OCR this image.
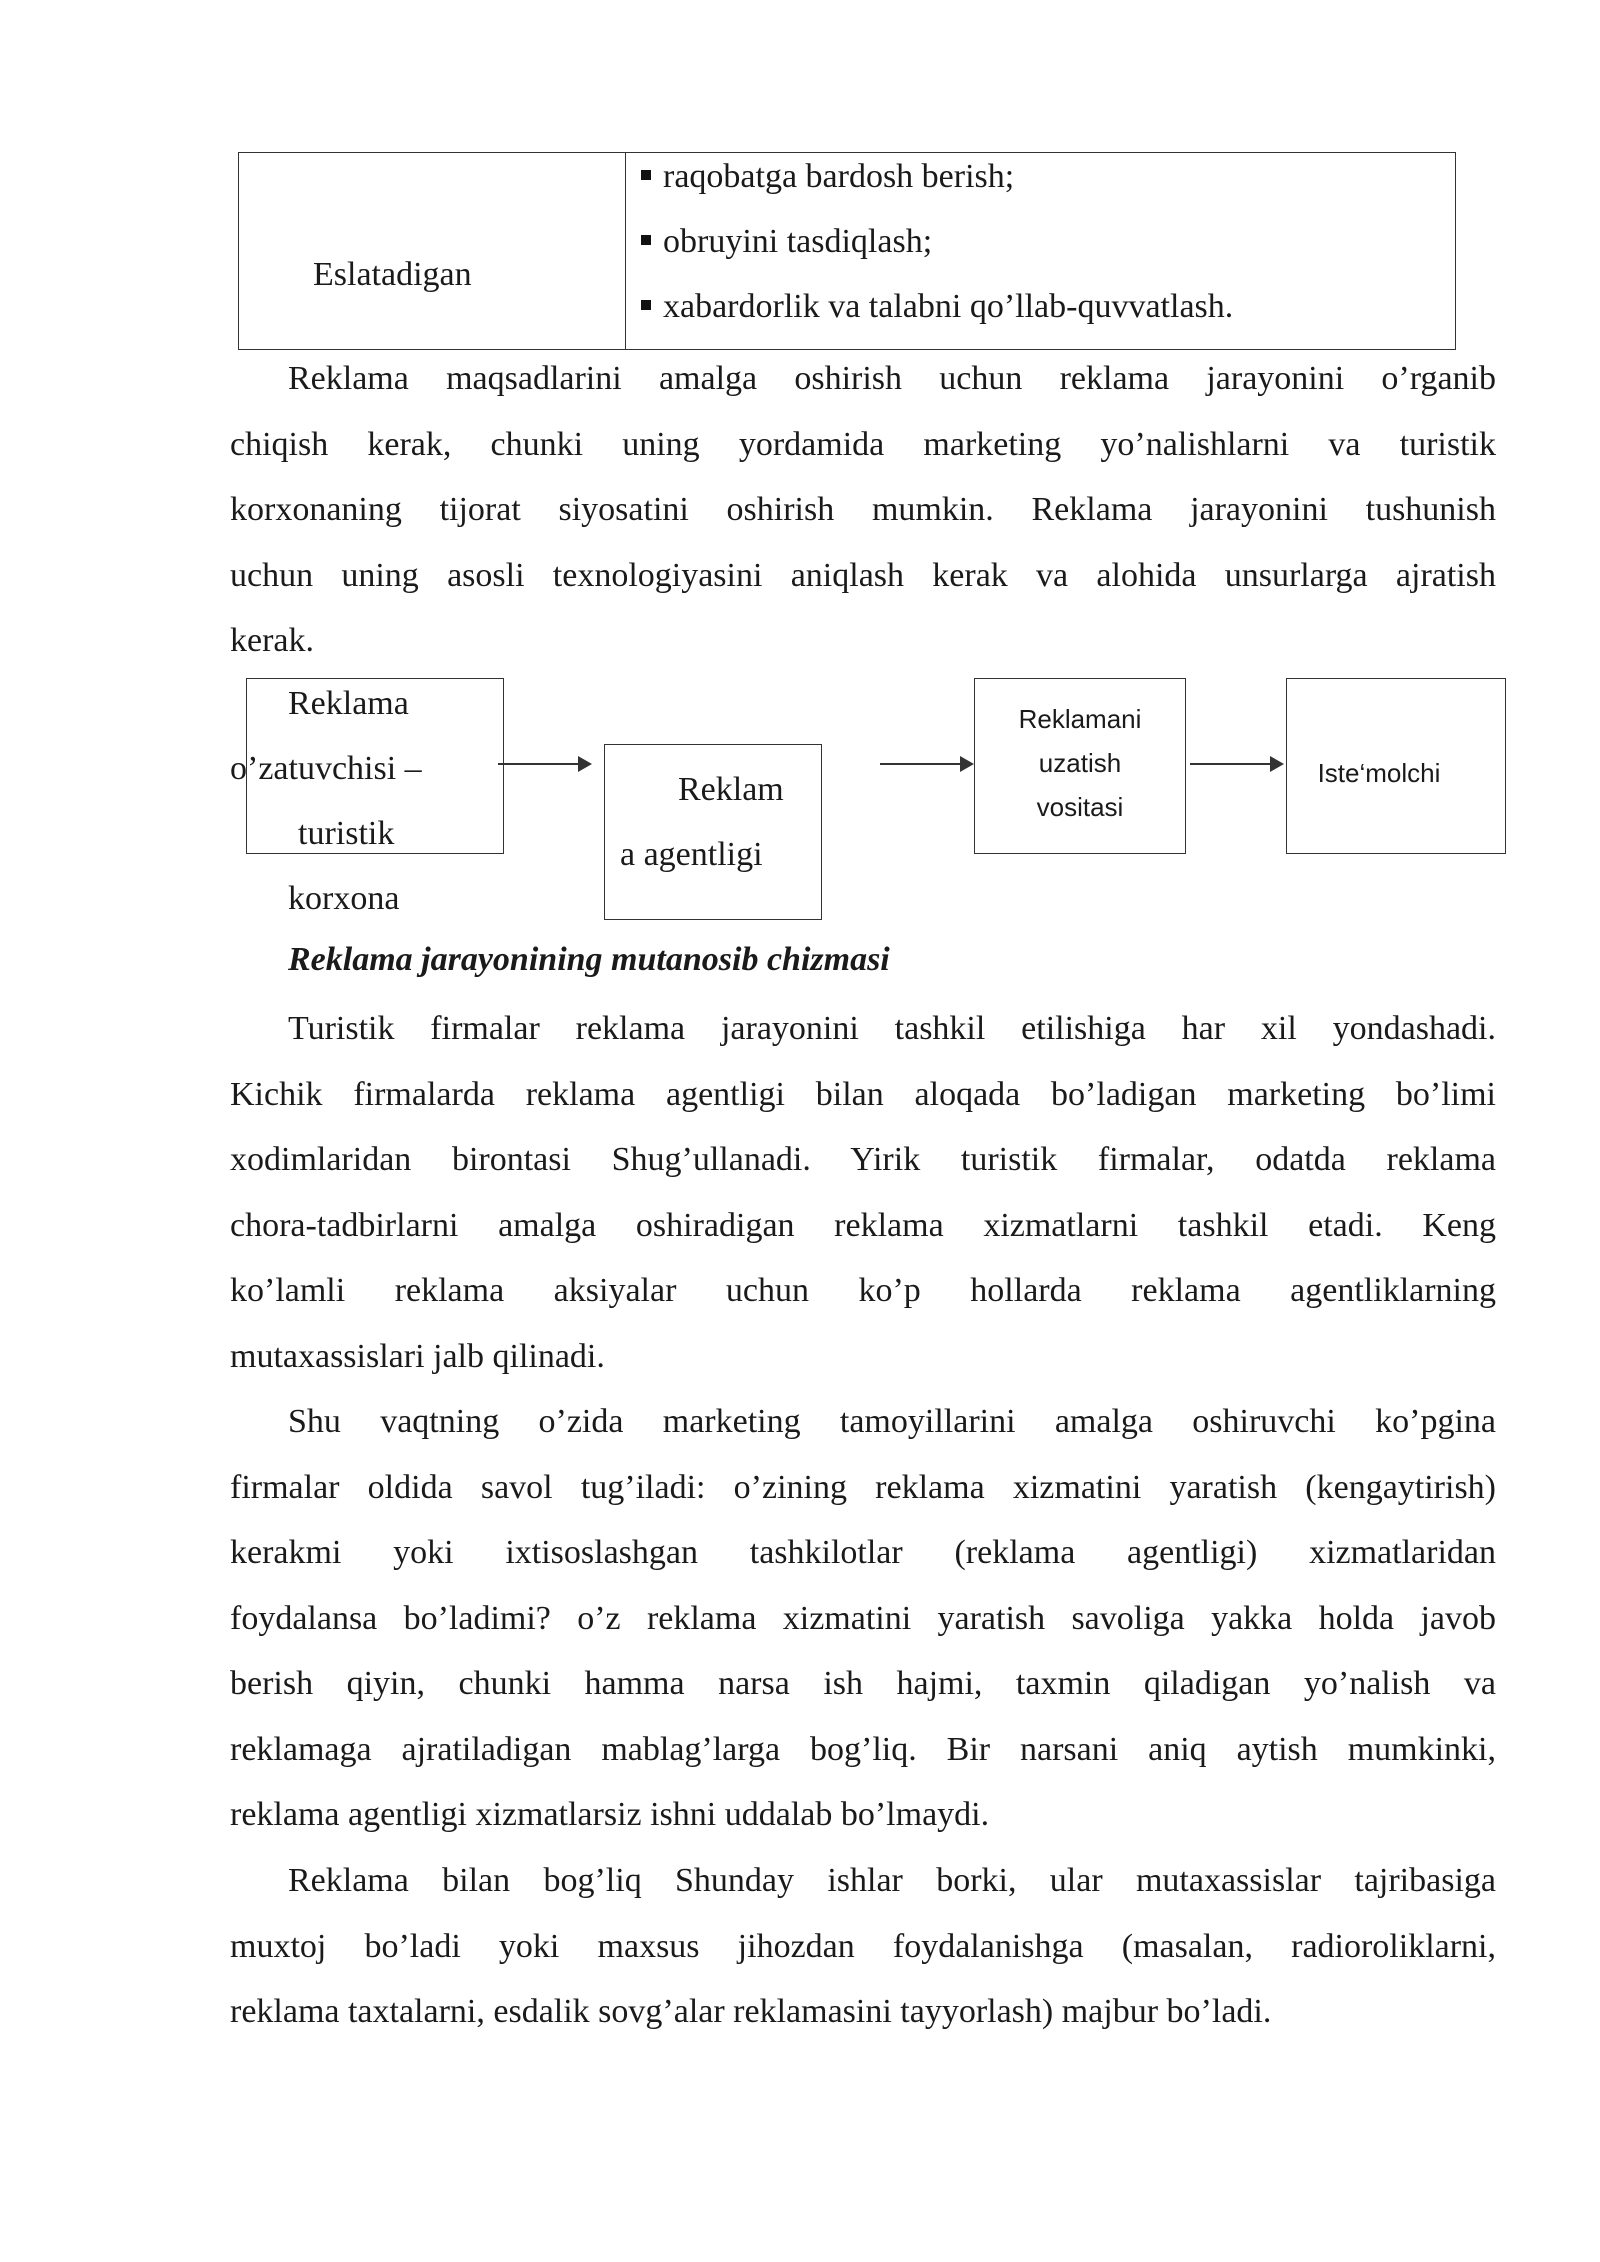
Eslatadigan
raqobatga bardosh berish;
obruyini tasdiqlash;
xabardorlik va talabni qo’llab-quvvatlash.
Reklama maqsadlarini amalga oshirish uchun reklama jarayonini o’rganib
chiqish kerak, chunki uning yordamida marketing yo’nalishlarni va turistik
korxonaning tijorat siyosatini oshirish mumkin. Reklama jarayonini tushunish
uchun uning asosli texnologiyasini aniqlash kerak va alohida unsurlarga ajratish
kerak.
Reklama
o’zatuvchisi –
turistik
korxona
Reklam
a agentligi
Reklamani
uzatish
vositasi
Iste‘molchi
Reklama jarayonining mutanosib chizmasi
Turistik firmalar reklama jarayonini tashkil etilishiga har xil yondashadi.
Kichik firmalarda reklama agentligi bilan aloqada bo’ladigan marketing bo’limi
xodimlaridan birontasi Shug’ullanadi. Yirik turistik firmalar, odatda reklama
chora-tadbirlarni amalga oshiradigan reklama xizmatlarni tashkil etadi. Keng
ko’lamli reklama aksiyalar uchun ko’p hollarda reklama agentliklarning
mutaxassislari jalb qilinadi.
Shu vaqtning o’zida marketing tamoyillarini amalga oshiruvchi ko’pgina
firmalar oldida savol tug’iladi: o’zining reklama xizmatini yaratish (kengaytirish)
kerakmi yoki ixtisoslashgan tashkilotlar (reklama agentligi) xizmatlaridan
foydalansa bo’ladimi? o’z reklama xizmatini yaratish savoliga yakka holda javob
berish qiyin, chunki hamma narsa ish hajmi, taxmin qiladigan yo’nalish va
reklamaga ajratiladigan mablag’larga bog’liq. Bir narsani aniq aytish mumkinki,
reklama agentligi xizmatlarsiz ishni uddalab bo’lmaydi.
Reklama bilan bog’liq Shunday ishlar borki, ular mutaxassislar tajribasiga
muxtoj bo’ladi yoki maxsus jihozdan foydalanishga (masalan, radioroliklarni,
reklama taxtalarni, esdalik sovg’alar reklamasini tayyorlash) majbur bo’ladi.
